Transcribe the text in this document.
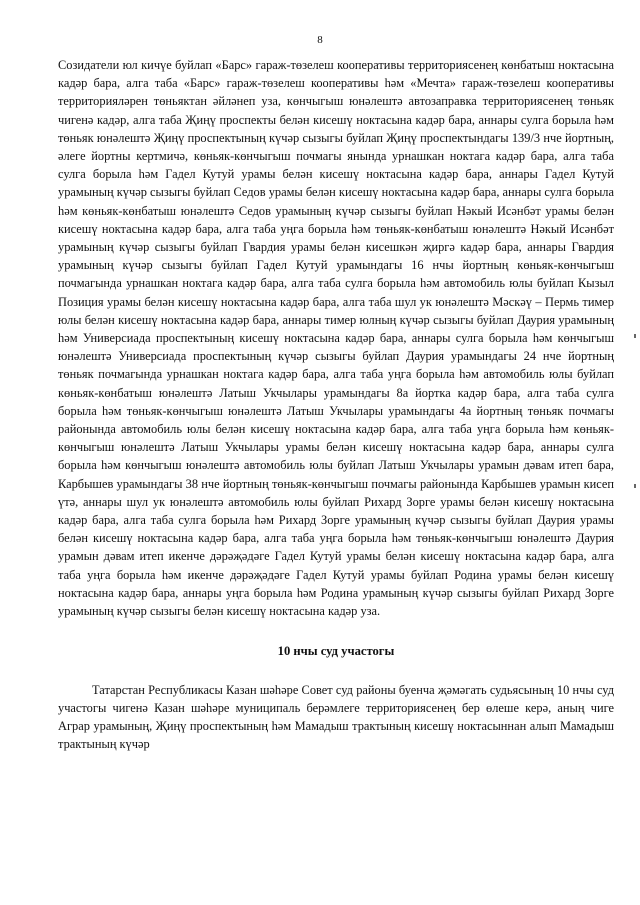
8

Созидатели юл кичүе буйлап «Барс» гараж-төзелеш кооперативы территориясенең көнбатыш ноктасына кадәр бара, алга таба «Барс» гараж-төзелеш кооперативы һәм «Мечта» гараж-төзелеш кооперативы территорияләрен төньяктан әйләнеп уза, көнчыгыш юнәлештә автозаправка территориясенең төньяк чигенә кадәр, алга таба Җиңү проспекты белән кисешү ноктасына кадәр бара, аннары сулга борыла һәм төньяк юнәлештә Җиңү проспектының күчәр сызыгы буйлап Җиңү проспектындагы 139/3 нче йортның, әлеге йортны кертмичә, көньяк-көнчыгыш почмагы янында урнашкан ноктага кадәр бара, алга таба сулга борыла һәм Гадел Кутуй урамы белән кисешү ноктасына кадәр бара, аннары Гадел Кутуй урамының күчәр сызыгы буйлап Седов урамы белән кисешү ноктасына кадәр бара, аннары сулга борыла һәм көньяк-көнбатыш юнәлештә Седов урамының күчәр сызыгы буйлап Нәкый Исәнбәт урамы белән кисешү ноктасына кадәр бара, алга таба уңга борыла һәм төньяк-көнбатыш юнәлештә Нәкый Исәнбәт урамының күчәр сызыгы буйлап Гвардия урамы белән кисешкән җиргә кадәр бара, аннары Гвардия урамының күчәр сызыгы буйлап Гадел Кутуй урамындагы 16 нчы йортның көньяк-көнчыгыш почмагында урнашкан ноктага кадәр бара, алга таба сулга борыла һәм автомобиль юлы буйлап Кызыл Позиция урамы белән кисешү ноктасына кадәр бара, алга таба шул ук юнәлештә Мәскәү – Пермь тимер юлы белән кисешү ноктасына кадәр бара, аннары тимер юлның күчәр сызыгы буйлап Даурия урамының һәм Универсиада проспектының кисешү ноктасына кадәр бара, аннары сулга борыла һәм көнчыгыш юнәлештә Универсиада проспектының күчәр сызыгы буйлап Даурия урамындагы 24 нче йортның төньяк почмагында урнашкан ноктага кадәр бара, алга таба уңга борыла һәм автомобиль юлы буйлап көньяк-көнбатыш юнәлештә Латыш Укчылары урамындагы 8а йортка кадәр бара, алга таба сулга борыла һәм төньяк-көнчыгыш юнәлештә Латыш Укчылары урамындагы 4а йортның төньяк почмагы районында автомобиль юлы белән кисешү ноктасына кадәр бара, алга таба уңга борыла һәм көньяк-көнчыгыш юнәлештә Латыш Укчылары урамы белән кисешү ноктасына кадәр бара, аннары сулга борыла һәм көнчыгыш юнәлештә автомобиль юлы буйлап Латыш Укчылары урамын дәвам итеп бара, Карбышев урамындагы 38 нче йортның төньяк-көнчыгыш почмагы районында Карбышев урамын кисеп үтә, аннары шул ук юнәлештә автомобиль юлы буйлап Рихард Зорге урамы белән кисешү ноктасына кадәр бара, алга таба сулга борыла һәм Рихард Зорге урамының күчәр сызыгы буйлап Даурия урамы белән кисешү ноктасына кадәр бара, алга таба уңга борыла һәм төньяк-көнчыгыш юнәлештә Даурия урамын дәвам итеп икенче дәрәҗәдәге Гадел Кутуй урамы белән кисешү ноктасына кадәр бара, алга таба уңга борыла һәм икенче дәрәҗәдәге Гадел Кутуй урамы буйлап Родина урамы белән кисешү ноктасына кадәр бара, аннары уңга борыла һәм Родина урамының күчәр сызыгы буйлап Рихард Зорге урамының күчәр сызыгы белән кисешү ноктасына кадәр уза.

10 нчы суд участогы

Татарстан Республикасы Казан шәһәре Совет суд районы буенча җәмәгать судьясының 10 нчы суд участогы чигенә Казан шәһәре муниципаль берәмлеге территориясенең бер өлеше керә, аның чиге Аграр урамының, Җиңү проспектының һәм Мамадыш трактының кисешү ноктасыннан алып Мамадыш трактының күчәр
